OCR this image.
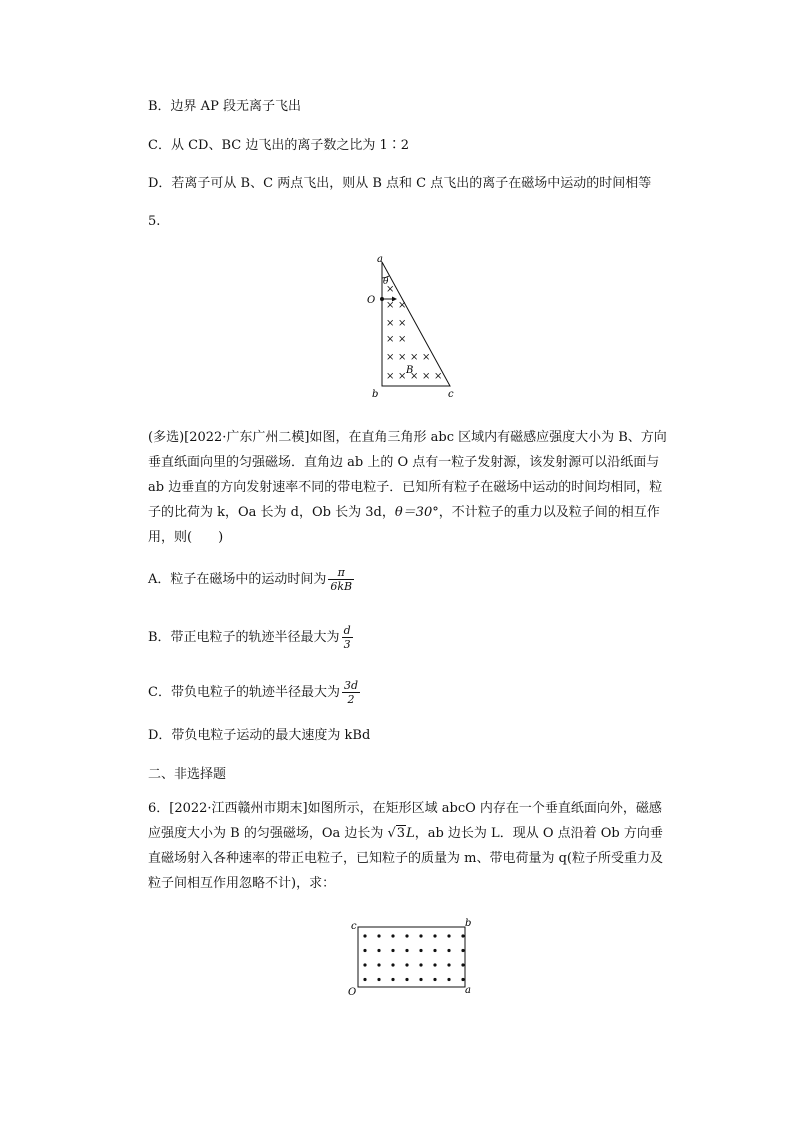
B．边界 AP 段无离子飞出
C．从 CD、BC 边飞出的离子数之比为 1∶2
D．若离子可从 B、C 两点飞出，则从 B 点和 C 点飞出的离子在磁场中运动的时间相等
5.
a
θ
O
B
b	c
×
× ×
× ×
× ×
× × × ×
× × × × ×
(多选)[2022·广东广州二模]如图，在直角三角形 abc 区域内有磁感应强度大小为 B、方向垂直纸面向里的匀强磁场．直角边 ab 上的 O 点有一粒子发射源，该发射源可以沿纸面与 ab 边垂直的方向发射速率不同的带电粒子．已知所有粒子在磁场中运动的时间均相同，粒子的比荷为 k，Oa 长为 d，Ob 长为 3d，θ＝30°，不计粒子的重力以及粒子间的相互作用，则(　　)
A．粒子在磁场中的运动时间为 $\frac{\pi}{6kB}$
B．带正电粒子的轨迹半径最大为 $\frac{d}{3}$
C．带负电粒子的轨迹半径最大为 $\frac{3d}{2}$
D．带负电粒子运动的最大速度为 kBd
二、非选择题
6．[2022·江西赣州市期末]如图所示，在矩形区域 abcO 内存在一个垂直纸面向外，磁感应强度大小为 B 的匀强磁场，Oa 边长为 √3L，ab 边长为 L．现从 O 点沿着 Ob 方向垂直磁场射入各种速率的带正电粒子，已知粒子的质量为 m、带电荷量为 q(粒子所受重力及粒子间相互作用忽略不计)，求：
c	b
O	a
